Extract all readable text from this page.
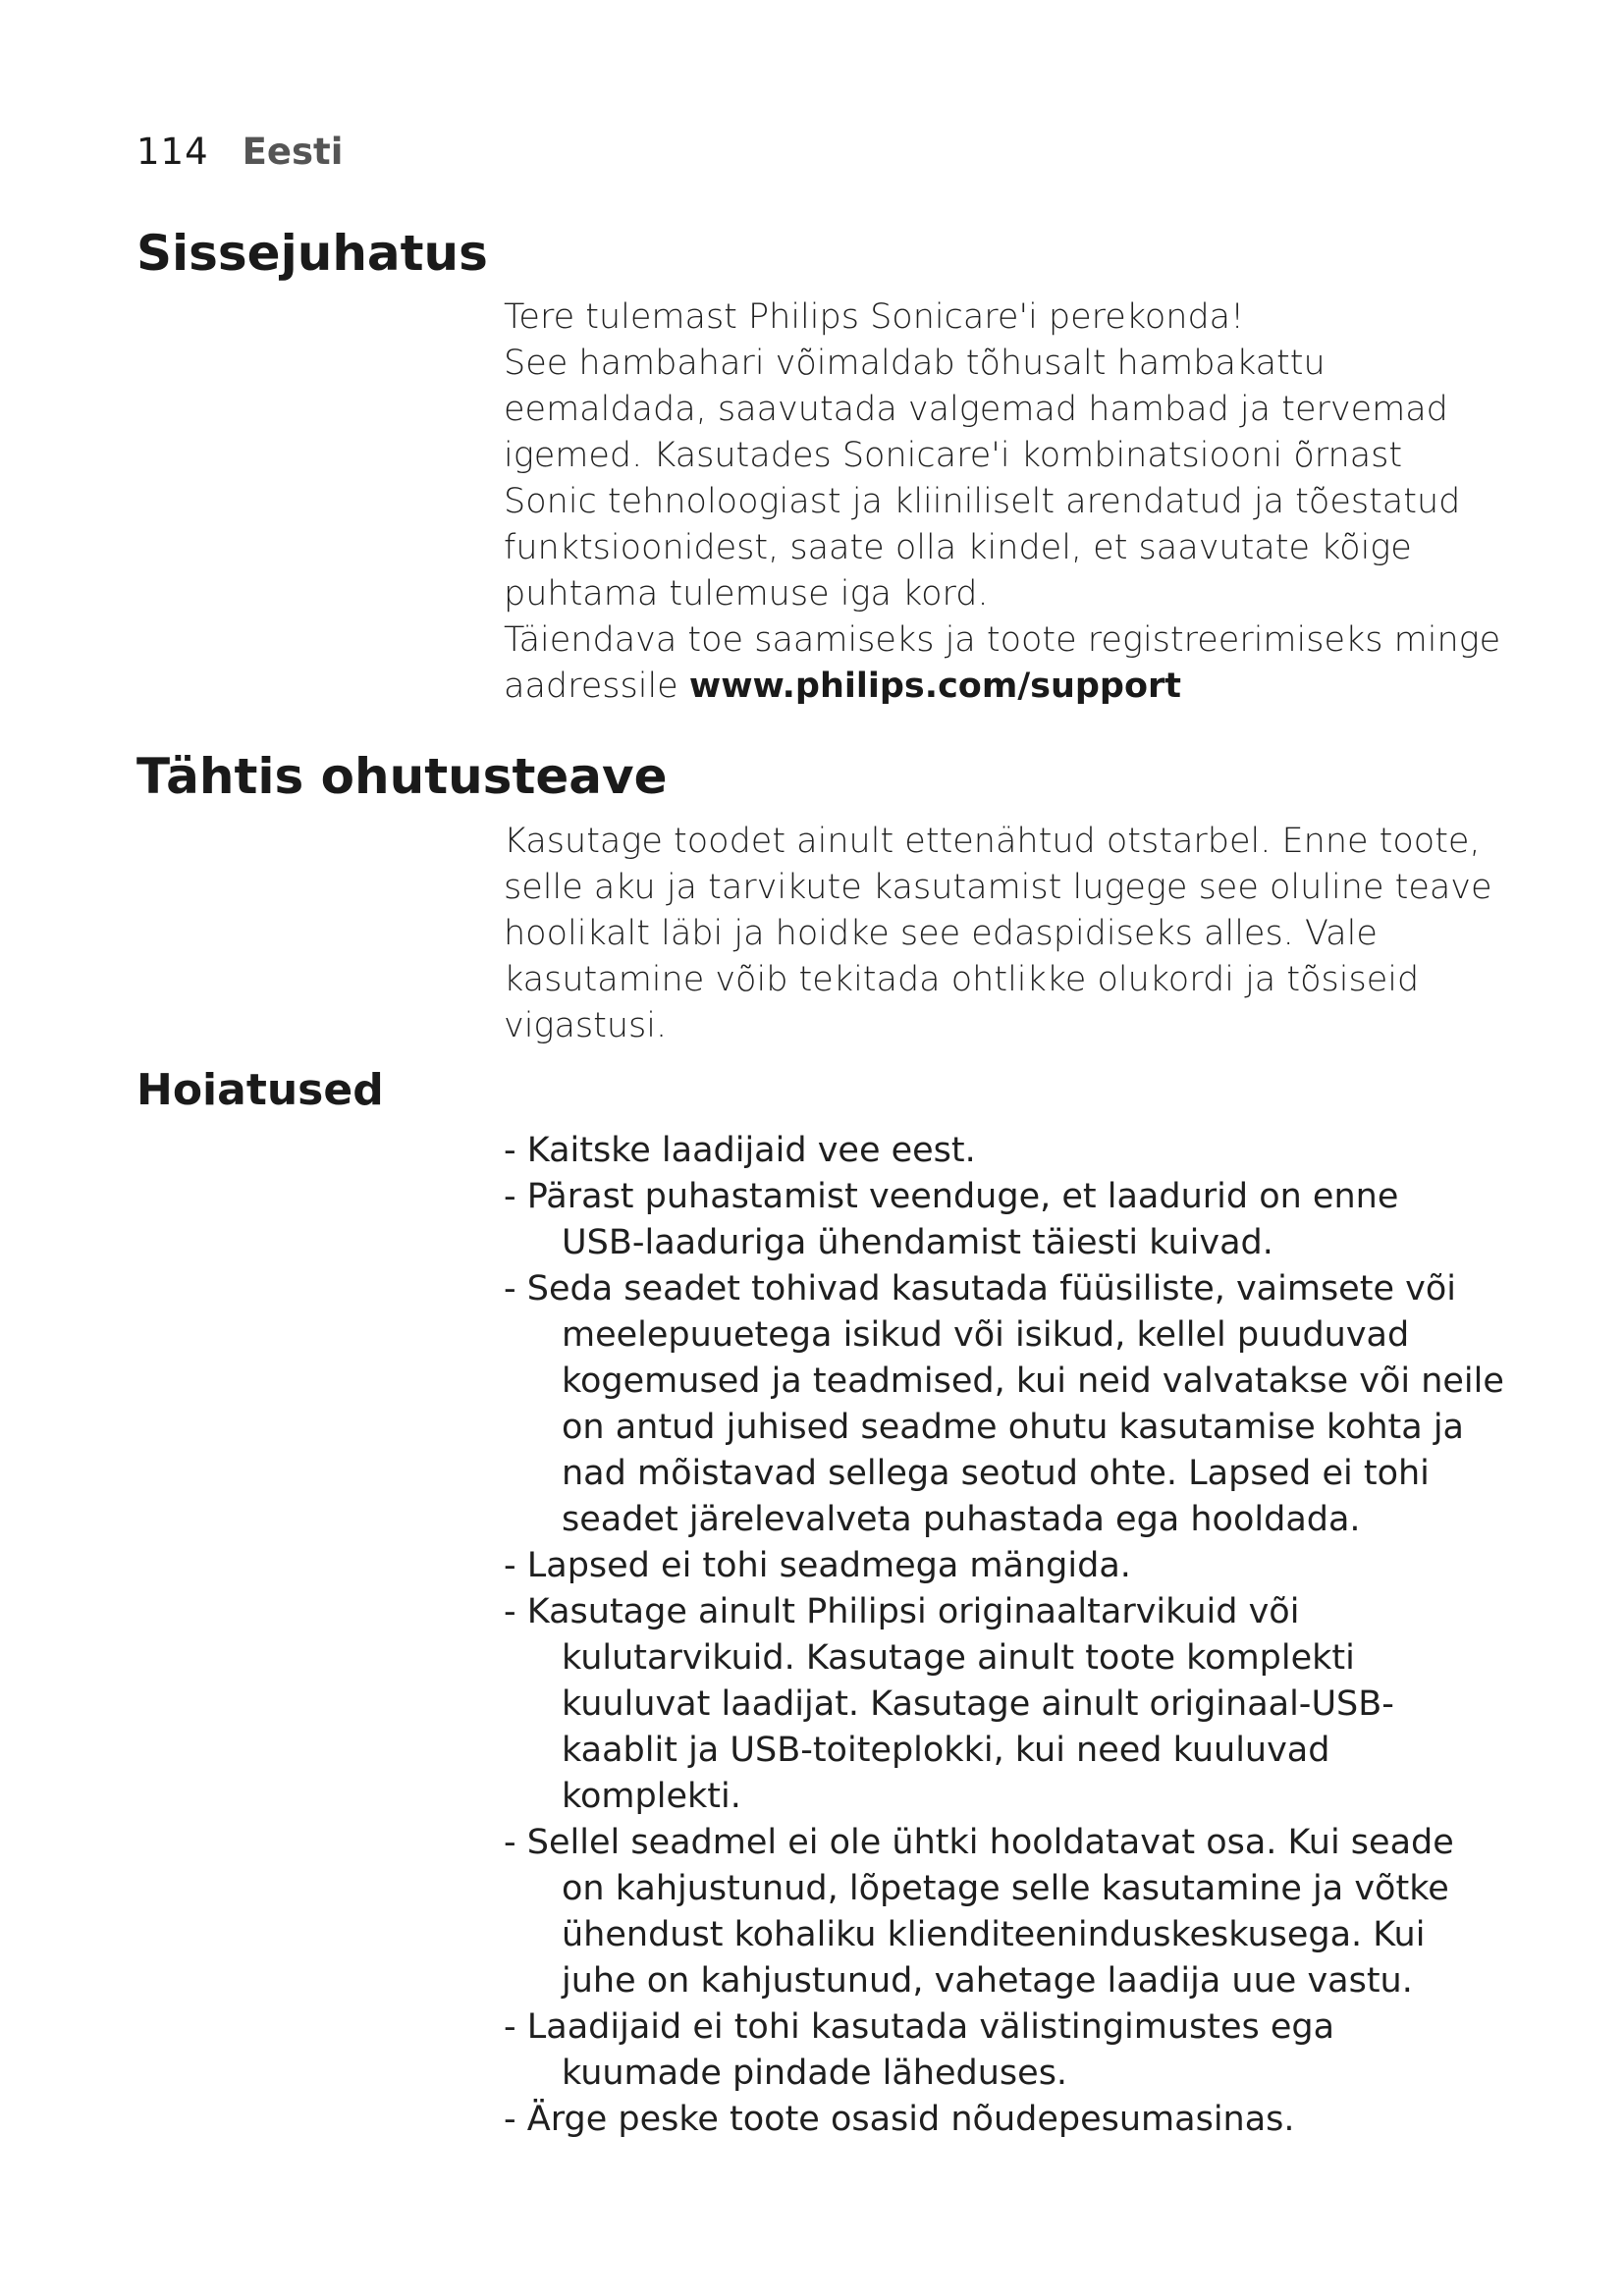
114 Eesti
Sissejuhatus
Tere tulemast Philips Sonicare'i perekonda!
See hambahari võimaldab tõhusalt hambakattu
eemaldada, saavutada valgemad hambad ja tervemad
igemed. Kasutades Sonicare'i kombinatsiooni õrnast
Sonic tehnoloogiast ja kliiniliselt arendatud ja tõestatud
funktsioonidest, saate olla kindel, et saavutate kõige
puhtama tulemuse iga kord.
Täiendava toe saamiseks ja toote registreerimiseks minge
aadressile www.philips.com/support
Tähtis ohutusteave
Kasutage toodet ainult ettenähtud otstarbel. Enne toote,
selle aku ja tarvikute kasutamist lugege see oluline teave
hoolikalt läbi ja hoidke see edaspidiseks alles. Vale
kasutamine võib tekitada ohtlikke olukordi ja tõsiseid
vigastusi.
Hoiatused
- Kaitske laadijaid vee eest.
- Pärast puhastamist veenduge, et laadurid on enne
USB-laaduriga ühendamist täiesti kuivad.
- Seda seadet tohivad kasutada füüsiliste, vaimsete või
meelepuuetega isikud või isikud, kellel puuduvad
kogemused ja teadmised, kui neid valvatakse või neile
on antud juhised seadme ohutu kasutamise kohta ja
nad mõistavad sellega seotud ohte. Lapsed ei tohi
seadet järelevalveta puhastada ega hooldada.
- Lapsed ei tohi seadmega mängida.
- Kasutage ainult Philipsi originaaltarvikuid või
kulutarvikuid. Kasutage ainult toote komplekti
kuuluvat laadijat. Kasutage ainult originaal-USB-
kaablit ja USB-toiteplokki, kui need kuuluvad
komplekti.
- Sellel seadmel ei ole ühtki hooldatavat osa. Kui seade
on kahjustunud, lõpetage selle kasutamine ja võtke
ühendust kohaliku klienditeeninduskeskusega. Kui
juhe on kahjustunud, vahetage laadija uue vastu.
- Laadijaid ei tohi kasutada välistingimustes ega
kuumade pindade läheduses.
- Ärge peske toote osasid nõudepesumasinas.
